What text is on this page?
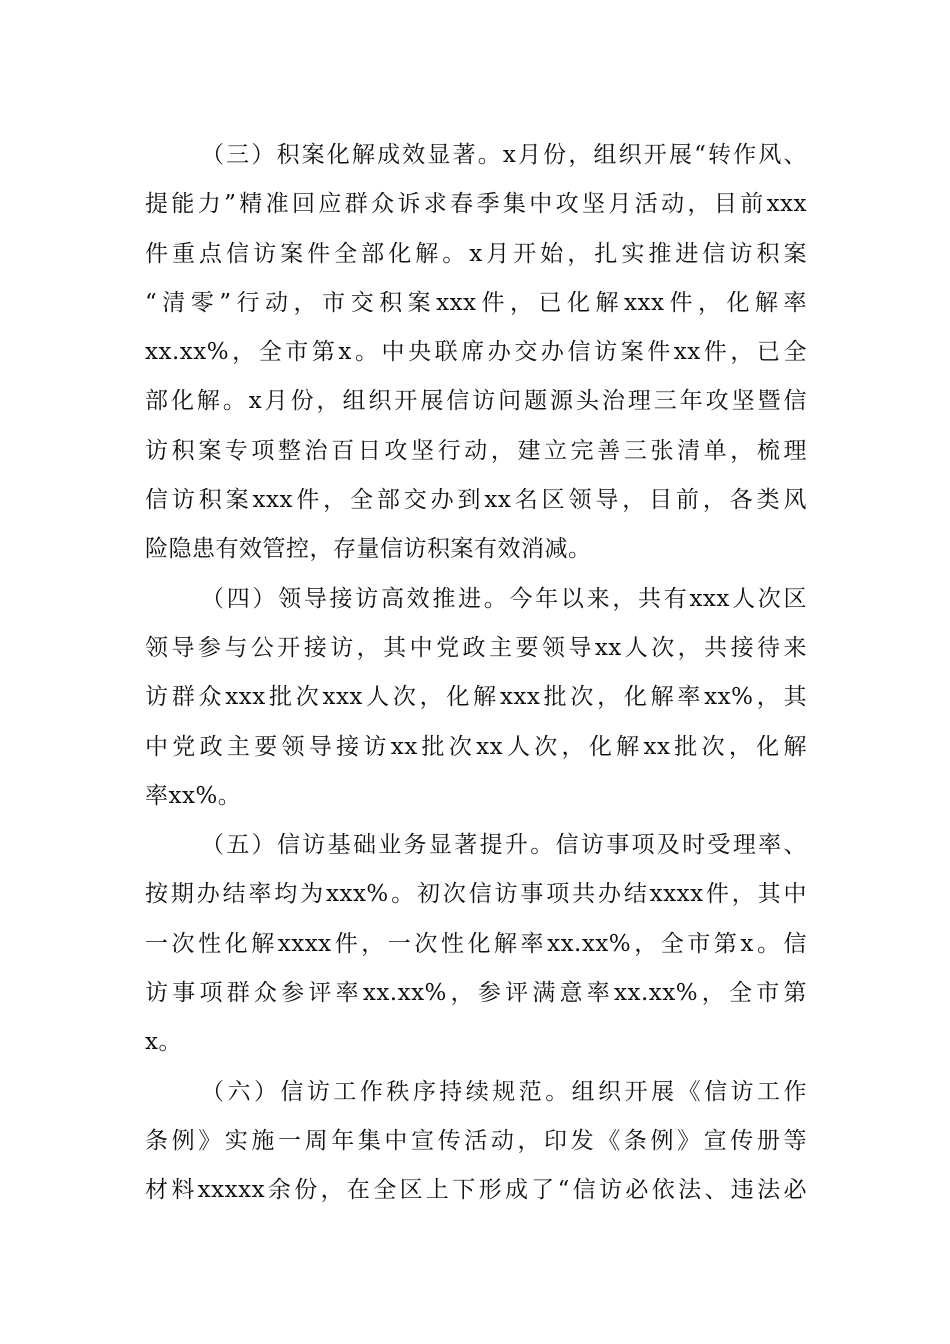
（三）积案化解成效显著。x月份，组织开展“转作风、
提能力”精准回应群众诉求春季集中攻坚月活动，目前xxx
件重点信访案件全部化解。x月开始，扎实推进信访积案
“清零”行动，市交积案xxx件，已化解xxx件，化解率
xx.xx%，全市第x。中央联席办交办信访案件xx件，已全
部化解。x月份，组织开展信访问题源头治理三年攻坚暨信
访积案专项整治百日攻坚行动，建立完善三张清单，梳理
信访积案xxx件，全部交办到xx名区领导，目前，各类风
险隐患有效管控，存量信访积案有效消减。
（四）领导接访高效推进。今年以来，共有xxx人次区
领导参与公开接访，其中党政主要领导xx人次，共接待来
访群众xxx批次xxx人次，化解xxx批次，化解率xx%，其
中党政主要领导接访xx批次xx人次，化解xx批次，化解
率xx%。
（五）信访基础业务显著提升。信访事项及时受理率、
按期办结率均为xxx%。初次信访事项共办结xxxx件，其中
一次性化解xxxx件，一次性化解率xx.xx%，全市第x。信
访事项群众参评率xx.xx%，参评满意率xx.xx%，全市第
x。
（六）信访工作秩序持续规范。组织开展《信访工作
条例》实施一周年集中宣传活动，印发《条例》宣传册等
材料xxxxx余份，在全区上下形成了“信访必依法、违法必
